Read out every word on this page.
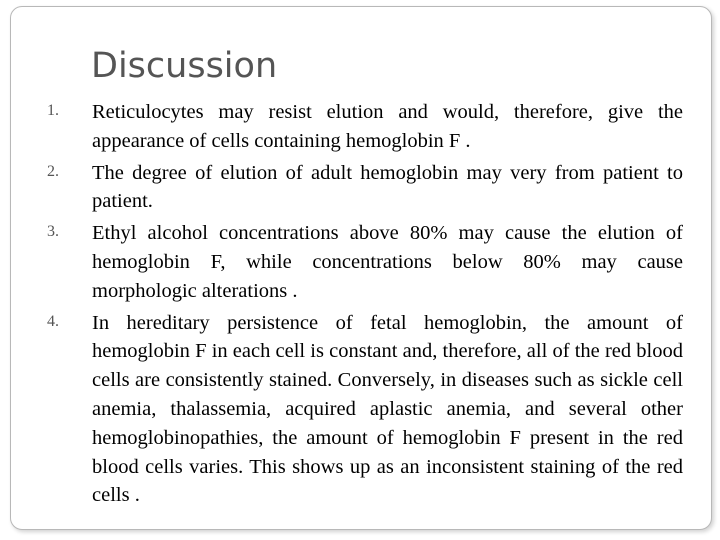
Discussion
1. Reticulocytes may resist elution and would, therefore, give the appearance of cells containing hemoglobin F .
2. The degree of elution of adult hemoglobin may very from patient to patient.
3. Ethyl alcohol concentrations above 80% may cause the elution of hemoglobin F, while concentrations below 80% may cause morphologic alterations .
4. In hereditary persistence of fetal hemoglobin, the amount of hemoglobin F in each cell is constant and, therefore, all of the red blood cells are consistently stained. Conversely, in diseases such as sickle cell anemia, thalassemia, acquired aplastic anemia, and several other hemoglobinopathies, the amount of hemoglobin F present in the red blood cells varies. This shows up as an inconsistent staining of the red cells .
